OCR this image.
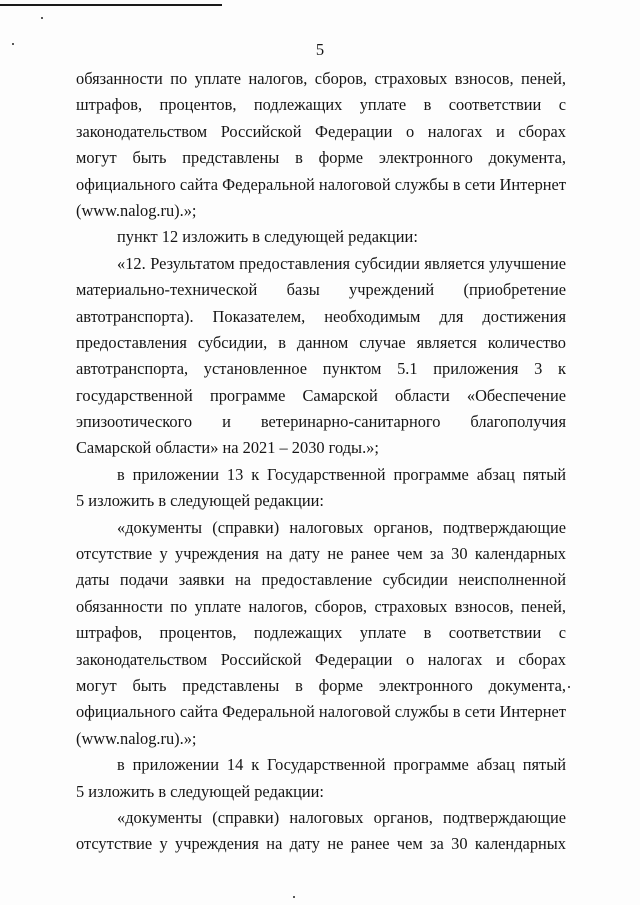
5
обязанности по уплате налогов, сборов, страховых взносов, пеней,
штрафов, процентов, подлежащих уплате в соответствии с
законодательством Российской Федерации о налогах и сборах
могут быть представлены в форме электронного документа,
официального сайта Федеральной налоговой службы в сети Интернет
(www.nalog.ru).»;
пункт 12 изложить в следующей редакции:
«12. Результатом предоставления субсидии является улучшение
материально-технической базы учреждений (приобретение
автотранспорта). Показателем, необходимым для достижения
предоставления субсидии, в данном случае является количество
автотранспорта, установленное пунктом 5.1 приложения 3 к
государственной программе Самарской области «Обеспечение
эпизоотического и ветеринарно-санитарного благополучия
Самарской области» на 2021 – 2030 годы.»;
в приложении 13 к Государственной программе абзац пятый
5 изложить в следующей редакции:
«документы (справки) налоговых органов, подтверждающие
отсутствие у учреждения на дату не ранее чем за 30 календарных
даты подачи заявки на предоставление субсидии неисполненной
обязанности по уплате налогов, сборов, страховых взносов, пеней,
штрафов, процентов, подлежащих уплате в соответствии с
законодательством Российской Федерации о налогах и сборах
могут быть представлены в форме электронного документа,
официального сайта Федеральной налоговой службы в сети Интернет
(www.nalog.ru).»;
в приложении 14 к Государственной программе абзац пятый
5 изложить в следующей редакции:
«документы (справки) налоговых органов, подтверждающие
отсутствие у учреждения на дату не ранее чем за 30 календарных
